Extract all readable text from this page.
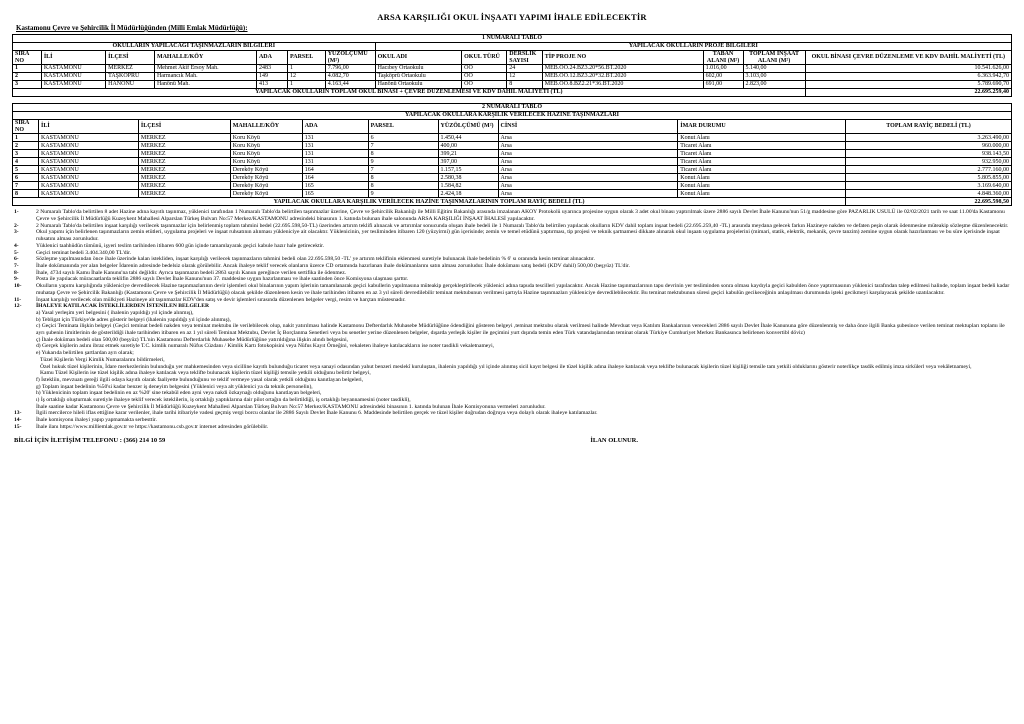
ARSA KARŞILIĞI OKUL İNŞAATI YAPIMI İHALE EDİLECEKTİR
Kastamonu Çevre ve Şehircilik İl Müdürlüğünden (Milli Emlak Müdürlüğü):
1 NUMARALI TABLO													
OKULLARIN YAPILACAĞI TAŞINMAZLARIN BİLGİLERİ							YAPILACAK OKULLARIN PROJE BİLGİLERİ						
SIRA NO	İLİ	İLÇESİ	MAHALLE/KÖY	ADA	PARSEL	YÜZÖLÇÜMÜ (M²)	OKUL ADI	OKUL TÜRÜ	DERSLİK SAYISI	TİP PROJE NO	TABAN ALANI (M²)	TOPLAM İNŞAAT ALANI (M²)	OKUL BİNASI ÇEVRE DÜZENLEME VE KDV DAHİL MALİYETİ (TL)
1	KASTAMONU	MERKEZ	Mehmet Akif Ersoy Mah.	2483	1	7.796,00	Hacıbey Ortaokulu	OO	24	MEB.OO.24.BZ3.20*56.BT.2020	1.016,00	5.140,00	10.541.626,00
2	KASTAMONU	TAŞKÖPRÜ	Harmancık Mah.	149	12	4.082,70	Taşköprü Ortaokulu	OO	12	MEB.OO.12.BZ3.20*32.BT.2020	602,00	3.103,00	6.363.942,70
3	KASTAMONU	HANÖNÜ	Hanönü Mah.	413	1	4.163,44	Hanönü Ortaokulu	OO	8	MEB.OO.8.BZ2.21*36.BT.2020	691,00	2.823,00	5.789.690,70
YAPILACAK OKULLARIN TOPLAM OKUL BİNASI + ÇEVRE DÜZENLEMESİ VE KDV DAHİL MALİYETİ (TL)													22.695.259,40
2 NUMARALI TABLO									
YAPILACAK OKULLARA KARŞILIK VERİLECEK HAZİNE TAŞINMAZLARI									
SIRA NO	İLİ	İLÇESİ	MAHALLE/KÖY	ADA	PARSEL	YÜZÖLÇÜMÜ (M²)	CİNSİ	İMAR DURUMU	TOPLAM RAYİÇ BEDELİ (TL)
1	KASTAMONU	MERKEZ	Koru Köyü	131	6	1.450,44	Arsa	Konut Alanı	3.263.490,00
2	KASTAMONU	MERKEZ	Koru Köyü	131	7	400,00	Arsa	Ticaret Alanı	960.000,00
3	KASTAMONU	MERKEZ	Koru Köyü	131	8	399,21	Arsa	Ticaret Alanı	938.143,50
4	KASTAMONU	MERKEZ	Koru Köyü	131	9	397,00	Arsa	Ticaret Alanı	932.950,00
5	KASTAMONU	MERKEZ	Dereköy Köyü	164	7	1.157,15	Arsa	Ticaret Alanı	2.777.160,00
6	KASTAMONU	MERKEZ	Dereköy Köyü	164	8	2.580,38	Arsa	Konut Alanı	5.805.855,00
7	KASTAMONU	MERKEZ	Dereköy Köyü	165	8	1.584,82	Arsa	Konut Alanı	3.169.640,00
8	KASTAMONU	MERKEZ	Dereköy Köyü	165	9	2.424,18	Arsa	Konut Alanı	4.848.360,00
YAPILACAK OKULLARA KARŞILIK VERİLECEK HAZİNE TAŞINMAZLARININ TOPLAM RAYİÇ BEDELİ (TL)									22.695.598,50
1-	2 Numaralı Tablo'da belirtilen 8 adet Hazine adına kayıtlı taşınmaz, yüklenici tarafından 1 Numaralı Tablo'da belirtilen taşınmazlar üzerine, Çevre ve Şehircilik Bakanlığı ile Milli Eğitim Bakanlığı arasında imzalanan AKOY Protokolü uyarınca projesine uygun olarak 3 adet okul binası yaptırılmak üzere 2886 sayılı Devlet İhale Kanunu'nun 51/g maddesine göre PAZARLIK USULÜ ile 02/02/2021 tarih ve saat 11.00'da Kastamonu Çevre ve Şehircilik İl Müdürlüğü Kuzeykent Mahallesi Alparslan Türkeş Bulvarı No:57 Merkez/KASTAMONU adresindeki binasının 1. katında bulunan ihale salonunda ARSA KARŞILIĞI İNŞAAT İHALESİ yapılacaktır.
2-	2 Numaralı Tablo'da belirtilen inşaat karşılığı verilecek taşınmazlar için belirlenmiş toplam tahmini bedel (22.695.598,50-TL) üzerinden artırım teklifi alınacak ve artırımlar sonucunda oluşan ihale bedeli ile 1 Numaralı Tablo'da belirtilen yapılacak okulların KDV dahil toplam inşaat bedeli (22.695.259,40 -TL) arasında meydana gelecek farkın Hazineye nakden ve defaten peşin olarak ödenmesine müteakip sözleşme düzenlenecektir.
3-	Okul yapımı için belirlenen taşınmazların zemin etütleri, uygulama projeleri ve inşaat ruhsatının alınması yükleniciye ait olacaktır. Yüklenicinin, yer tesliminden itibaren 120 (yüzyirmi) gün içerisinde; zemin ve temel etüdünü yaptırması, tip projesi ve teknik şartnamesi dikkate alınarak okul inşaatı uygulama projelerini (mimari, statik, elektrik, mekanik, çevre tanzim) zemine uygun olarak hazırlanması ve bu süre içerisinde inşaat ruhsatını alması zorunludur.
4-	Yüklenici taahhüdün tümünü, işyeri teslim tarihinden itibaren 600 gün içinde tamamlayarak geçici kabule hazır hale getirecektir.
5-	Geçici teminat bedeli 3.404.340,00 TL'dir.
6-	Sözleşme yapılmasından önce ihale üzerinde kalan istekliden, inşaat karşılığı verilecek taşınmazların tahmini bedeli olan 22.695.598,50 -TL' ye artırım teklifinin eklenmesi suretiyle bulunacak ihale bedelinin % 6' sı oranında kesin teminat alınacaktır.
7-	İhale dokümanında yer alan belgeler İdarenin adresinde bedelsiz olarak görülebilir. Ancak ihaleye teklif verecek olanların üzerce CD ortamında hazırlanan ihale dokümanlarını satın alması zorunludur. İhale dokümanı satış bedeli (KDV dahil) 500,00 (beşyüz) TL'dir.
8-	İhale, 4734 sayılı Kamu İhale Kanunu'na tabi değildir. Ayrıca taşınmazın bedeli 2863 sayılı Kanun gereğince verilen sertifika ile ödenmez.
9-	Posta ile yapılacak müracaatlarda teklifin 2886 sayılı Devlet İhale Kanunu'nun 37. maddesine uygun hazırlanması ve ihale saatinden önce Komisyona ulaşması şarttır.
10-	Okulların yapımı karşılığında yükleniciye devredilecek Hazine taşınmazlarının devir işlemleri okul binalarının yapım işlerinin tamamlanarak geçici kabullerin yapılmasına müteakip gerçekleştirilecek yüklenici adına tapuda tescilleri yapılacaktır. Ancak Hazine taşınmazlarının tapu devrinin yer tesliminden sonra olması kaydıyla geçici kabulden önce yaptırmasının yüklenici tarafından talep edilmesi halinde, toplam inşaat bedeli kadar muhatap Çevre ve Şehircilik Bakanlığı (Kastamonu Çevre ve Şehircilik İl Müdürlüğü) olacak şekilde düzenlenen kesin ve ihale tarihinden itibaren en az 3 yıl süreli devredilebilir teminat mektubunun verilmesi şartıyla Hazine taşınmazları yükleniciye devredilebilecektir. Bu teminat mektubunun süresi geçici kabulün gecikeceğinin anlaşılması durumunda işteki gecikmeyi karşılayacak şekilde uzatılacaktır.
11-	İnşaat karşılığı verilecek olan mülkiyeti Hazineye ait taşınmazlar KDV'den satış ve devir işlemleri sırasında düzenlenen belgeler vergi, resim ve harçtan müstesnadır.
12-	İHALEYE KATILACAK İSTEKLİLERDEN İSTENİLEN BELGELER
a) Yasal yerleşim yeri belgesini ( ihalenin yapıldığı yıl içinde alınmış),
b) Tebligat için Türkiye'de adres gösterir belgeyi (ihalenin yapıldığı yıl içinde alınmış),
c) Geçici Teminata ilişkin belgeyi (Geçici teminat bedeli nakden veya teminat mektubu ile verilebilecek olup, nakit yatırılması halinde Kastamonu Defterdarlık Muhasebe Müdürlüğüne ödendiğini gösteren belgeyi ,teminat mektubu olarak verilmesi halinde Mevduat veya Katılım Bankalarının verecekleri 2886 sayılı Devlet İhale Kanununa göre düzenlenmiş ve daha önce ilgili Banka şubesince verilen teminat mektupları toplamı ile ayrı şubenin limitlerinin de gösterildiği ihale tarihinden itibaren en az 1 yıl süreli Teminat Mektubu, Devlet İç Borçlanma Senetleri veya bu senetler yerine düzenlenen belgeler, dışarda yerleşik kişiler ile geçimini yurt dışında temin eden Türk vatandaşlarından teminat olarak Türkiye Cumhuriyet Merkez Bankasınca belirlenen konvertibl döviz)
ç) İhale doküman bedeli olan 500,00 (beşyüz) TL'nin Kastamonu Defterdarlık Muhasebe Müdürlüğüne yatırıldığına ilişkin alındı belgesini,
d) Gerçek kişilerin aslını ibraz etmek suretiyle T.C. kimlik numaralı Nüfus Cüzdanı / Kimlik Kartı fotokopisini veya Nüfus Kayıt Örneğini, vekaleten ihaleye katılacakların ise noter tasdikli vekaletnameyi,
e) Yukarıda belirtilen şartlardan ayrı olarak;
Tüzel Kişilerin Vergi Kimlik Numaralarını bildirmeleri,
Özel hukuk tüzel kişilerinin, İdare merkezlerinin bulunduğu yer mahkemesinden veya sicilline kayıtlı bulunduğu ticaret veya sanayi odasından yahut benzeri meslekî kuruluştan, ihalenin yapıldığı yıl içinde alınmış sicil kayıt belgesi ile tüzel kişilik adına ihaleye katılacak veya teklifte bulunacak kişilerin tüzel kişiliği temsile tam yetkili olduklarını gösterir noterlikçe tasdik edilmiş imza sirkülerl veya vekâletnameyi,
Kamu Tüzel Kişilerin ise tüzel kişilik adına ihaleye katılacak veya teklifte bulunacak kişilerin tüzel kişiliği temsile yetkili olduğunu belirtir belgeyi,
f) İstekliin, mevzuatı gereği ilgili odaya kayıtlı olarak faaliyette bulunduğunu ve teklif vermeye yasal olarak yetkili olduğunu kanıtlayan belgeleri,
g) Toplam inşaat bedelinin %50'si kadar benzer iş deneyim belgesini (Yüklenici veya alt yüklenici ya da teknik personelin),
h) Yüklenicinin toplam inşaat bedelinin en az %20' sine tekabül eden ayni veya nakdi özkaynağı olduğunu kanıtlayan belgeleri,
ı) İş ortaklığı oluşturmak suretiyle ihaleye teklif verecek isteklilerin, iş ortaklığı yaptıklarına dair pilot ortağın da belirtildiği, iş ortaklığı beyannamesini (noter tasdikli),
İhale saatine kadar Kastamonu Çevre ve Şehircilik İl Müdürlüğü Kuzeykent Mahallesi Alparslan Türkeş Bulvarı No:57 Merkez/KASTAMONU adresindeki binasının 1. katında bulunan İhale Komisyonuna vermeleri zorunludur.
13-	İlgili mercilerce hileli iflas ettiğine karar verilenler, ihale tarihi itibariyle vadesi geçmiş vergi borcu olanlar ile 2886 Sayılı Devlet İhale Kanunu 6. Maddesinde belirtilen gerçek ve tüzel kişiler doğrudan doğruya veya dolaylı olarak ihaleye katılamazlar.
14-	İhale komisyonu ihaleyi yapıp yapmamakta serbesttir.
15-	İhale ilanı https://www.milliemlak.gov.tr ve https://kastamonu.csb.gov.tr internet adresinden görülebilir.
BİLGİ İÇİN İLETİŞİM TELEFONU : (366) 214 10 59	İLAN OLUNUR.
